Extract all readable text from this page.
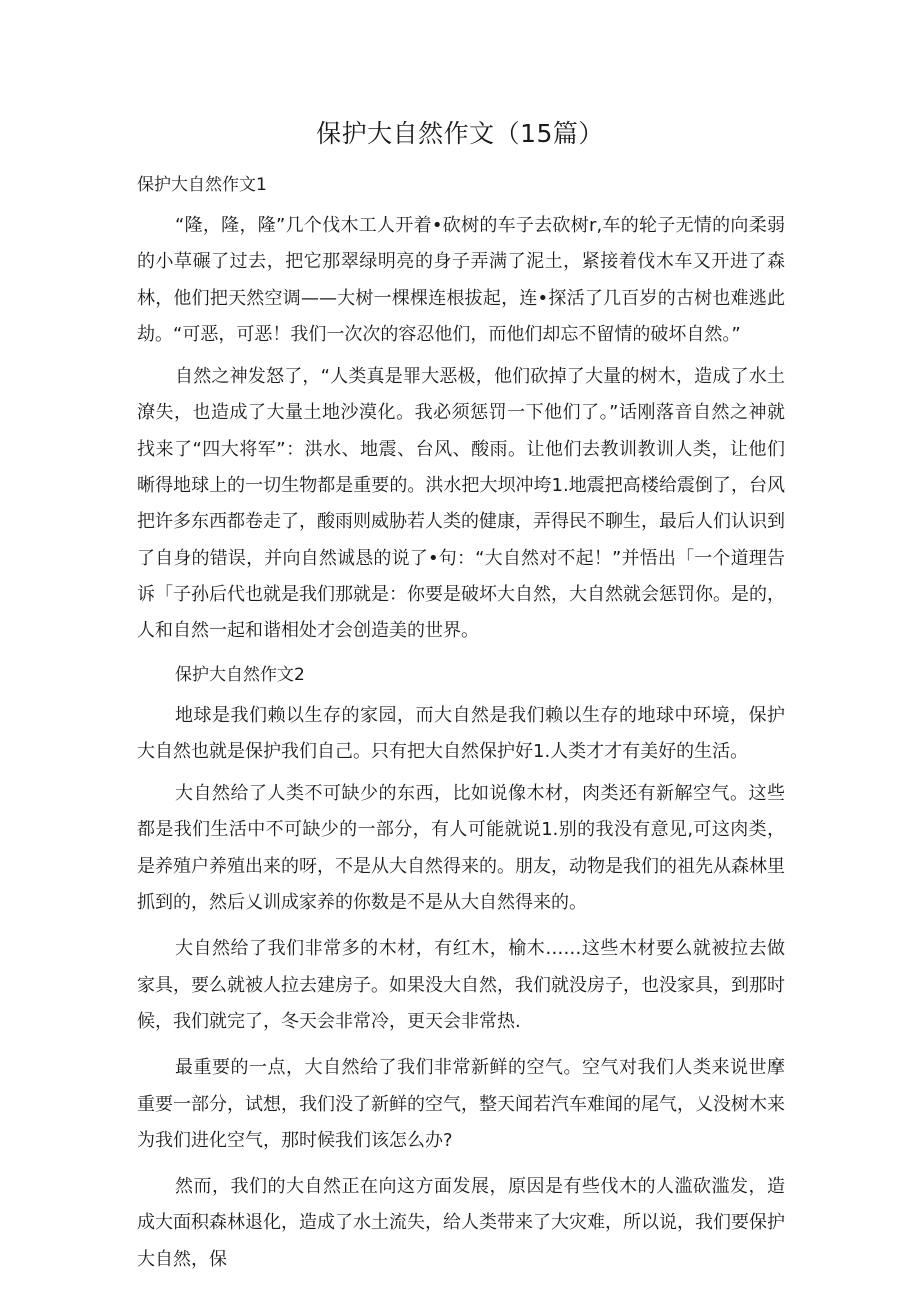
保护大自然作文（15篇）

保护大自然作文1

“隆，隆，隆”几个伐木工人开着•砍树的车子去砍树r,车的轮子无情的向柔弱的小草碾了过去，把它那翠绿明亮的身子弄满了泥土，紧接着伐木车又开进了森林，他们把天然空调——大树一棵棵连根拔起，连•探活了几百岁的古树也难逃此劫。“可恶，可恶！我们一次次的容忍他们，而他们却忘不留情的破坏自然。”

自然之神发怒了，“人类真是罪大恶极，他们砍掉了大量的树木，造成了水土潦失，也造成了大量土地沙漠化。我必须惩罚一下他们了。”话刚落音自然之神就找来了“四大将军”：洪水、地震、台风、酸雨。让他们去教训教训人类，让他们晰得地球上的一切生物都是重要的。洪水把大坝冲垮1.地震把高楼给震倒了，台风把许多东西都卷走了，酸雨则威胁若人类的健康，弄得民不聊生，最后人们认识到了自身的错误，并向自然诚恳的说了•句：“大自然对不起！”并悟出「一个道理告诉「子孙后代也就是我们那就是：你要是破坏大自然，大自然就会惩罚你。是的，人和自然一起和谐相处才会创造美的世界。

保护大自然作文2

地球是我们赖以生存的家园，而大自然是我们赖以生存的地球中环境，保护大自然也就是保护我们自己。只有把大自然保护好1.人类才才有美好的生活。

大自然给了人类不可缺少的东西，比如说像木材，肉类还有新解空气。这些都是我们生活中不可缺少的一部分，有人可能就说1.别的我没有意见,可这肉类，是养殖户养殖出来的呀，不是从大自然得来的。朋友，动物是我们的祖先从森林里抓到的，然后乂训成家养的你数是不是从大自然得来的。

大自然给了我们非常多的木材，有红木，榆木……这些木材要么就被拉去做家具，要么就被人拉去建房子。如果没大自然，我们就没房子，也没家具，到那时候，我们就完了，冬天会非常冷，更天会非常热.

最重要的一点，大自然给了我们非常新鲜的空气。空气对我们人类来说世摩重要一部分，试想，我们没了新鲜的空气，整天闻若汽车难闻的尾气，乂没树木来为我们进化空气，那时候我们该怎么办?

然而，我们的大自然正在向这方面发展，原因是有些伐木的人滥砍滥发，造成大面积森林退化，造成了水土流失，给人类带来了大灾难，所以说，我们要保护大自然，保
